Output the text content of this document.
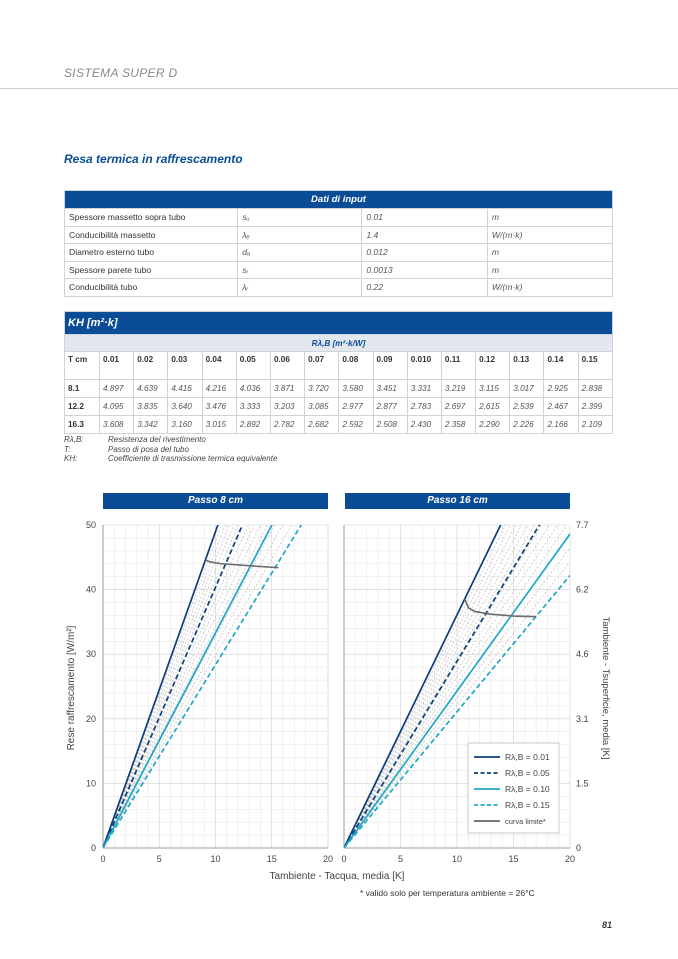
SISTEMA SUPER D
Resa termica in raffrescamento
Dati di input			
Spessore massetto sopra tubo	sᵤ	0.01	m
Conducibilità massetto	λₑ	1.4	W/(m·k)
Diametro esterno tubo	dₐ	0.012	m
Spessore parete tubo	sᵣ	0.0013	m
Conducibilità tubo	λᵣ	0.22	W/(m·k)
KH [m²·k]															
Rλ,B [m²·k/W]															
T cm	0.01	0.02	0.03	0.04	0.05	0.06	0.07	0.08	0.09	0.010	0.11	0.12	0.13	0.14	0.15
8.1	4.897	4.639	4.416	4.216	4.036	3.871	3.720	3.580	3.451	3.331	3.219	3.115	3.017	2.925	2.838
12.2	4.095	3.835	3.640	3.476	3.333	3.203	3.085	2.977	2.877	2.783	2.697	2.615	2.539	2.467	2.399
16.3	3.608	3.342	3.160	3.015	2.892	2.782	2.682	2.592	2.508	2.430	2.358	2.290	2.226	2.166	2.109
Rλ,B:	Resistenza del rivestimento
T:	Passo di posa del tubo
KH:	Coefficiente di trasmissione termica equivalente
Passo 8 cm	Passo 16 cm
0	5	10	15	20 0	5	10	15	20
0
10
20
30
40
50
0
1.5
3.1
4.6
6.2
7.7
Rese raffrescamento [W/m²]	Tambiente - Tsuperficie, media [K]
Tambiente - Tacqua, media [K]
Rλ,B = 0.01
Rλ,B = 0.05
Rλ,B = 0.10
Rλ,B = 0.15
curva limite*
* valido solo per temperatura ambiente = 26°C
81
